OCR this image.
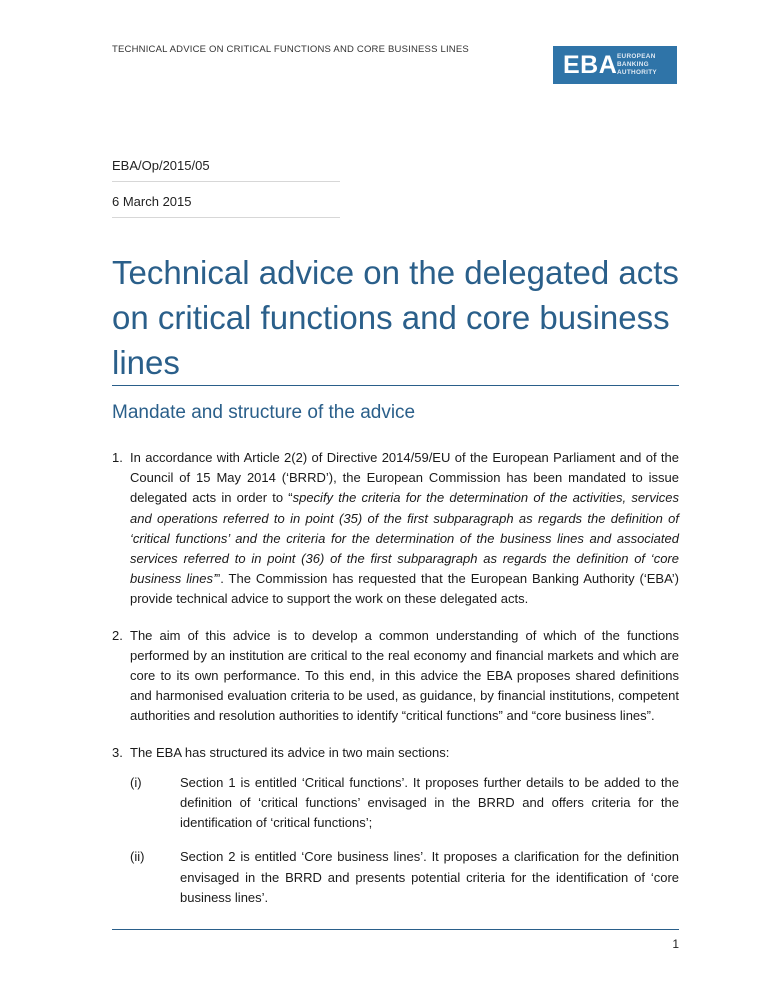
TECHNICAL ADVICE ON CRITICAL FUNCTIONS AND CORE BUSINESS LINES
EBA EUROPEAN
BANKING
AUTHORITY
EBA/Op/2015/05
6 March 2015
Technical advice on the delegated acts on critical functions and core business lines
Mandate and structure of the advice
1. In accordance with Article 2(2) of Directive 2014/59/EU of the European Parliament and of the Council of 15 May 2014 (‘BRRD’), the European Commission has been mandated to issue delegated acts in order to “specify the criteria for the determination of the activities, services and operations referred to in point (35) of the first subparagraph as regards the definition of ‘critical functions’ and the criteria for the determination of the business lines and associated services referred to in point (36) of the first subparagraph as regards the definition of ‘core business lines’”. The Commission has requested that the European Banking Authority (‘EBA’) provide technical advice to support the work on these delegated acts.
2. The aim of this advice is to develop a common understanding of which of the functions performed by an institution are critical to the real economy and financial markets and which are core to its own performance. To this end, in this advice the EBA proposes shared definitions and harmonised evaluation criteria to be used, as guidance, by financial institutions, competent authorities and resolution authorities to identify “critical functions” and “core business lines”.
3. The EBA has structured its advice in two main sections:
(i)	Section 1 is entitled ‘Critical functions’. It proposes further details to be added to the definition of ‘critical functions’ envisaged in the BRRD and offers criteria for the identification of ‘critical functions’;
(ii)	Section 2 is entitled ‘Core business lines’. It proposes a clarification for the definition envisaged in the BRRD and presents potential criteria for the identification of ‘core business lines’.
1
